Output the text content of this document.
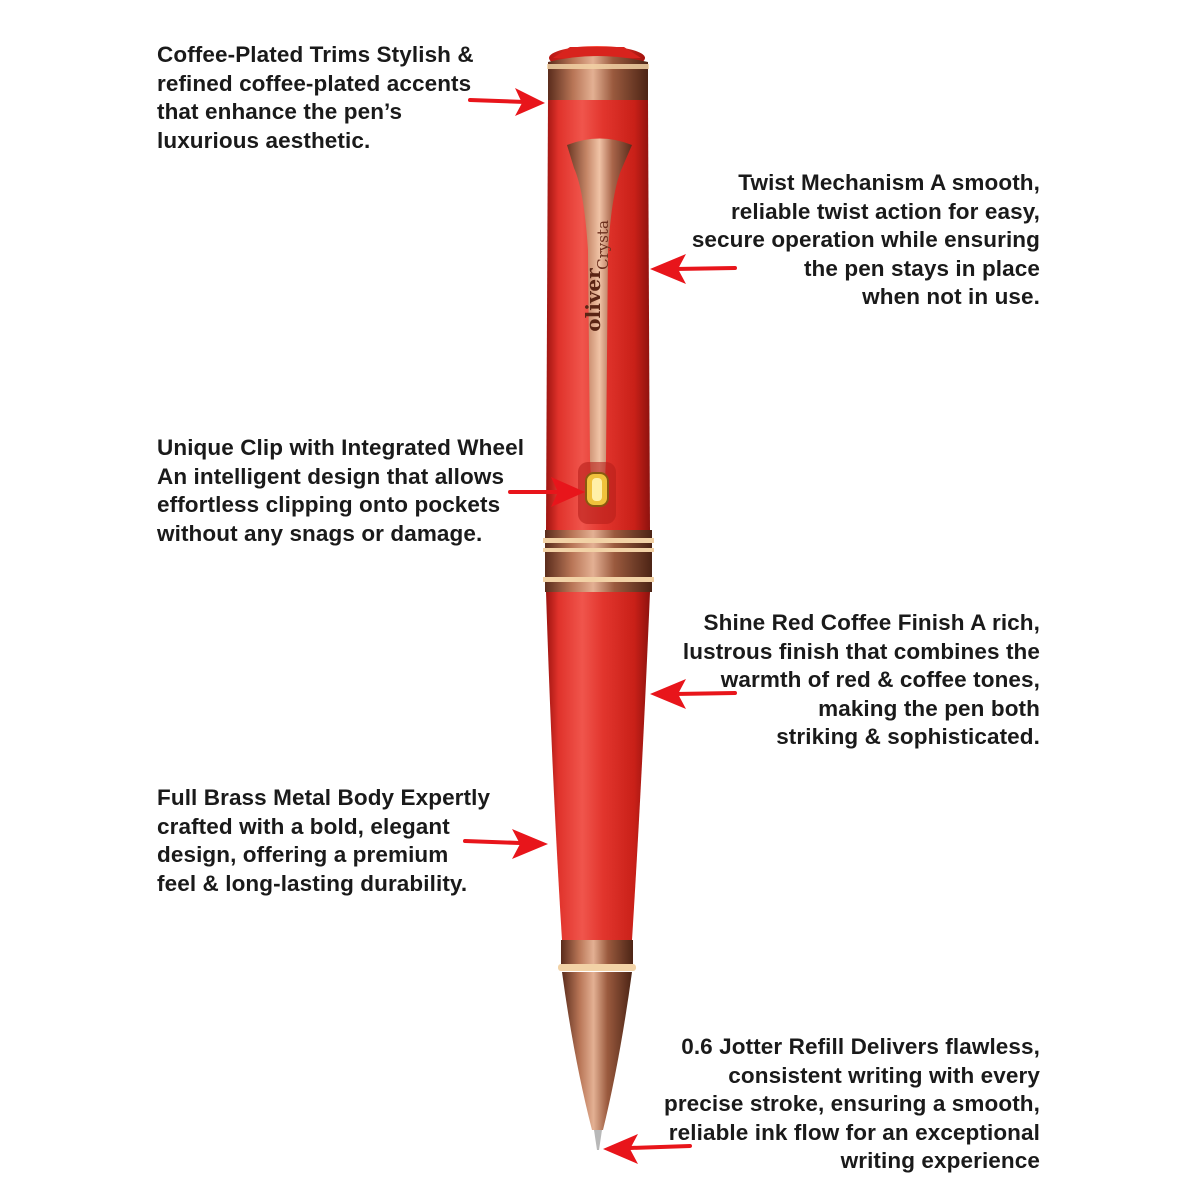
oliver
Crysta
Coffee-Plated Trims Stylish &
refined coffee-plated accents
that enhance the pen’s
luxurious aesthetic.
Twist Mechanism A smooth,
reliable twist action for easy,
secure operation while ensuring
the pen stays in place
when not in use.
Unique Clip with Integrated Wheel
An intelligent design that allows
effortless clipping onto pockets
without any snags or damage.
Shine Red Coffee Finish A rich,
lustrous finish that combines the
warmth of red & coffee tones,
making the pen both
striking & sophisticated.
Full Brass Metal Body Expertly
crafted with a bold, elegant
design, offering a premium
feel & long-lasting durability.
0.6 Jotter Refill Delivers flawless,
consistent writing with every
precise stroke, ensuring a smooth,
reliable ink flow for an exceptional
writing experience
